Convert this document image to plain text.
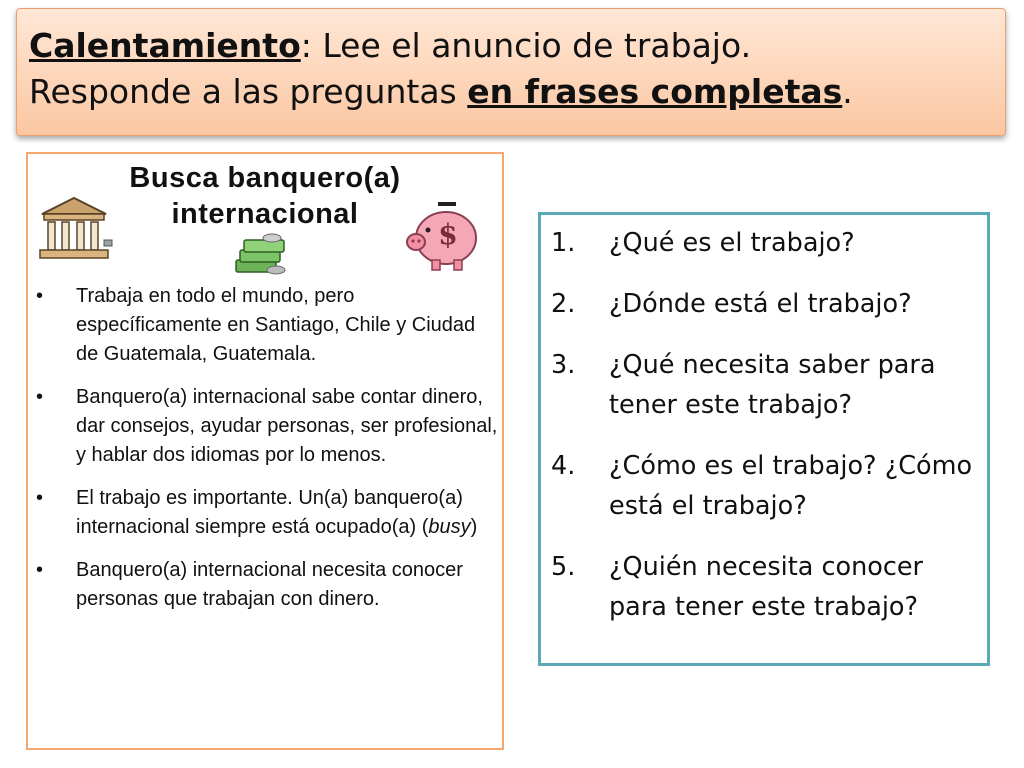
Calentamiento: Lee el anuncio de trabajo.
Responde a las preguntas en frases completas.
Busca banquero(a)
internacional
$
• Trabaja en todo el mundo, pero específicamente en Santiago, Chile y Ciudad de Guatemala, Guatemala.
• Banquero(a) internacional sabe contar dinero, dar consejos, ayudar personas, ser profesional, y hablar dos idiomas por lo menos.
• El trabajo es importante. Un(a) banquero(a) internacional siempre está ocupado(a) (busy)
• Banquero(a) internacional necesita conocer personas que trabajan con dinero.
1.	¿Qué es el trabajo?
2.	¿Dónde está el trabajo?
3.	¿Qué necesita saber para tener este trabajo?
4.	¿Cómo es el trabajo? ¿Cómo está el trabajo?
5.	¿Quién necesita conocer para tener este trabajo?
